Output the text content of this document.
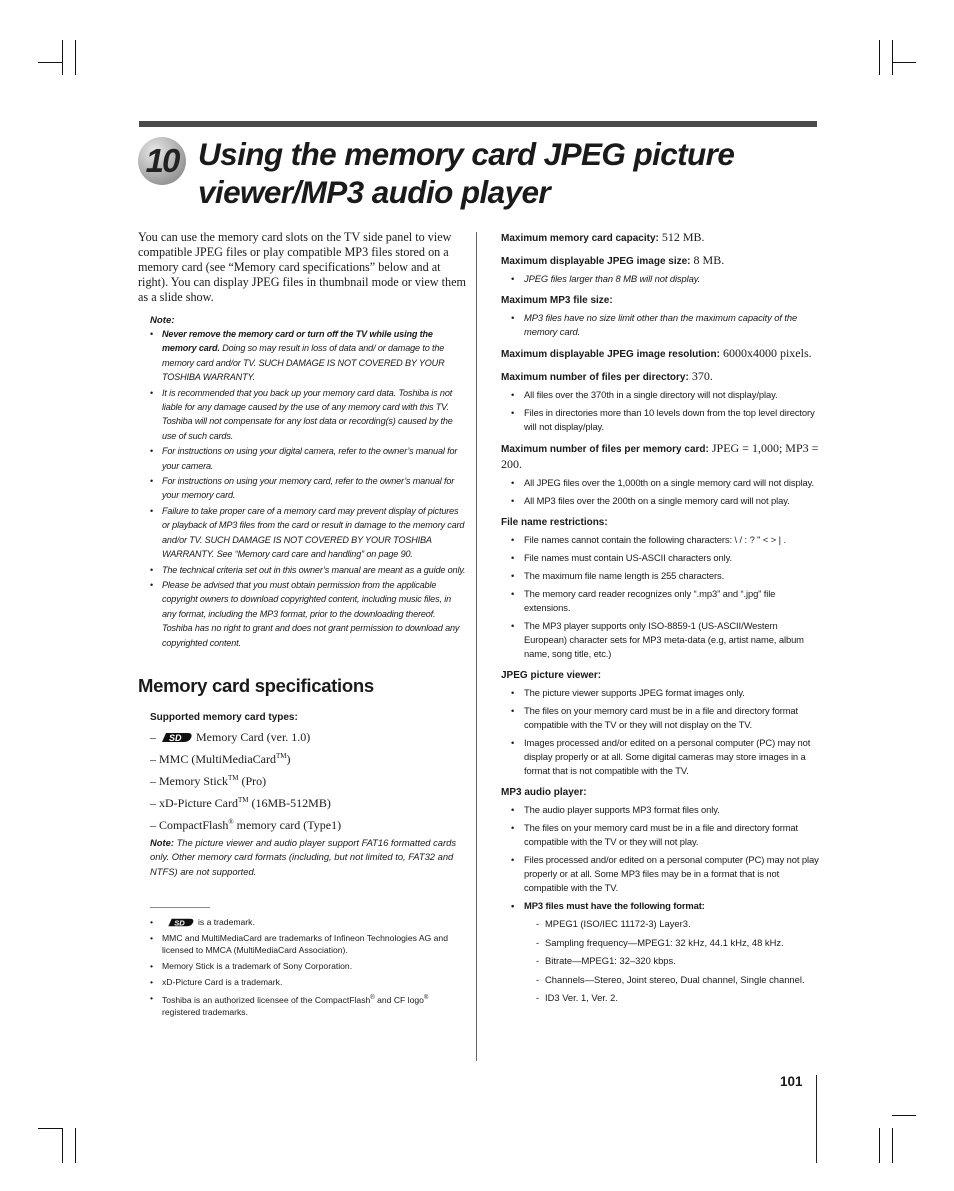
10 Using the memory card JPEG picture viewer/MP3 audio player

You can use the memory card slots on the TV side panel to view compatible JPEG files or play compatible MP3 files stored on a memory card (see “Memory card specifications” below and at right). You can display JPEG files in thumbnail mode or view them as a slide show.

Note:
• Never remove the memory card or turn off the TV while using the memory card. Doing so may result in loss of data and/ or damage to the memory card and/or TV. SUCH DAMAGE IS NOT COVERED BY YOUR TOSHIBA WARRANTY.
• It is recommended that you back up your memory card data. Toshiba is not liable for any damage caused by the use of any memory card with this TV. Toshiba will not compensate for any lost data or recording(s) caused by the use of such cards.
• For instructions on using your digital camera, refer to the owner’s manual for your camera.
• For instructions on using your memory card, refer to the owner’s manual for your memory card.
• Failure to take proper care of a memory card may prevent display of pictures or playback of MP3 files from the card or result in damage to the memory card and/or TV. SUCH DAMAGE IS NOT COVERED BY YOUR TOSHIBA WARRANTY. See “Memory card care and handling” on page 90.
• The technical criteria set out in this owner’s manual are meant as a guide only.
• Please be advised that you must obtain permission from the applicable copyright owners to download copyrighted content, including music files, in any format, including the MP3 format, prior to the downloading thereof. Toshiba has no right to grant and does not grant permission to download any copyrighted content.
Memory card specifications
Supported memory card types:
– SD Memory Card (ver. 1.0)
– MMC (MultiMediaCard™)
– Memory Stick™ (Pro)
– xD-Picture Card™ (16MB-512MB)
– CompactFlash® memory card (Type1)
Note: The picture viewer and audio player support FAT16 formatted cards only. Other memory card formats (including, but not limited to, FAT32 and NTFS) are not supported.
• SD is a trademark.
• MMC and MultiMediaCard are trademarks of Infineon Technologies AG and licensed to MMCA (MultiMediaCard Association).
• Memory Stick is a trademark of Sony Corporation.
• xD-Picture Card is a trademark.
• Toshiba is an authorized licensee of the CompactFlash® and CF logo® registered trademarks.

Maximum memory card capacity: 512 MB.

Maximum displayable JPEG image size: 8 MB.

• JPEG files larger than 8 MB will not display.

Maximum MP3 file size:

• MP3 files have no size limit other than the maximum capacity of the memory card.

Maximum displayable JPEG image resolution: 6000x4000 pixels.

Maximum number of files per directory: 370.

• All files over the 370th in a single directory will not display/play.
• Files in directories more than 10 levels down from the top level directory will not display/play.

Maximum number of files per memory card: JPEG = 1,000; MP3 = 200.

• All JPEG files over the 1,000th on a single memory card will not display.
• All MP3 files over the 200th on a single memory card will not play.

File name restrictions:

• File names cannot contain the following characters: \ / : ? " < > | .
• File names must contain US-ASCII characters only.
• The maximum file name length is 255 characters.
• The memory card reader recognizes only “.mp3” and “.jpg” file extensions.
• The MP3 player supports only ISO-8859-1 (US-ASCII/Western European) character sets for MP3 meta-data (e.g, artist name, album name, song title, etc.)

JPEG picture viewer:

• The picture viewer supports JPEG format images only.
• The files on your memory card must be in a file and directory format compatible with the TV or they will not display on the TV.
• Images processed and/or edited on a personal computer (PC) may not display properly or at all. Some digital cameras may store images in a format that is not compatible with the TV.

MP3 audio player:

• The audio player supports MP3 format files only.
• The files on your memory card must be in a file and directory format compatible with the TV or they will not play.
• Files processed and/or edited on a personal computer (PC) may not play properly or at all. Some MP3 files may be in a format that is not compatible with the TV.
• MP3 files must have the following format:
- MPEG1 (ISO/IEC 11172-3) Layer3.
- Sampling frequency—MPEG1: 32 kHz, 44.1 kHz, 48 kHz.
- Bitrate—MPEG1: 32–320 kbps.
- Channels—Stereo, Joint stereo, Dual channel, Single channel.
- ID3 Ver. 1, Ver. 2.
101
